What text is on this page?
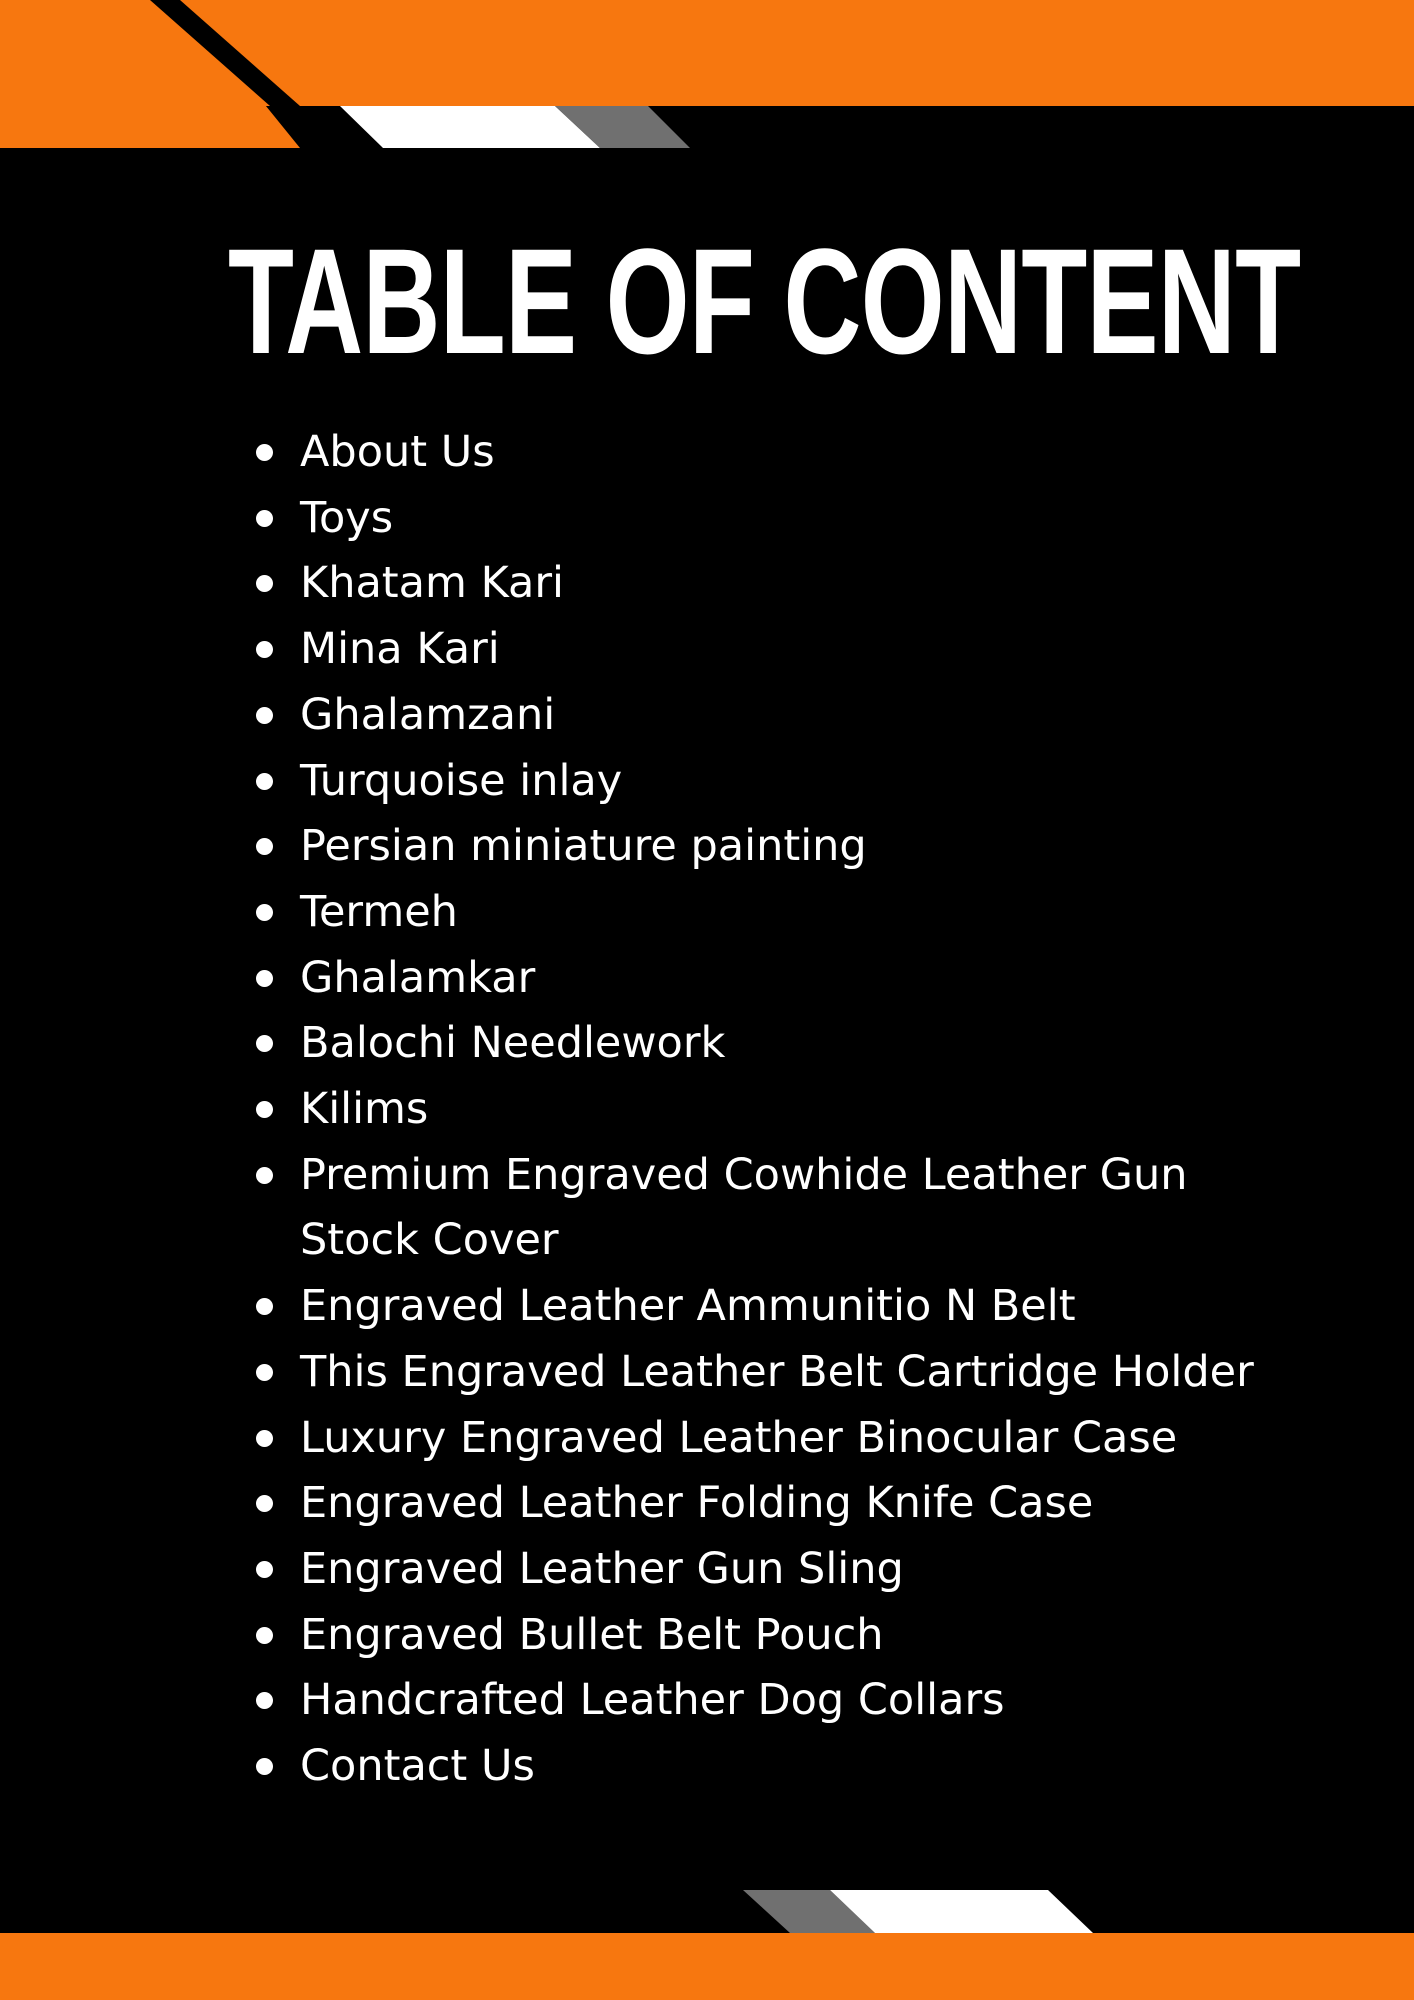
TABLE OF CONTENT
About Us
Toys
Khatam Kari
Mina Kari
Ghalamzani
Turquoise inlay
Persian miniature painting
Termeh
Ghalamkar
Balochi Needlework
Kilims
Premium Engraved Cowhide Leather Gun Stock Cover
Engraved Leather Ammunitio N Belt
This Engraved Leather Belt Cartridge Holder
Luxury Engraved Leather Binocular Case
Engraved Leather Folding Knife Case
Engraved Leather Gun Sling
Engraved Bullet Belt Pouch
Handcrafted Leather Dog Collars
Contact Us
